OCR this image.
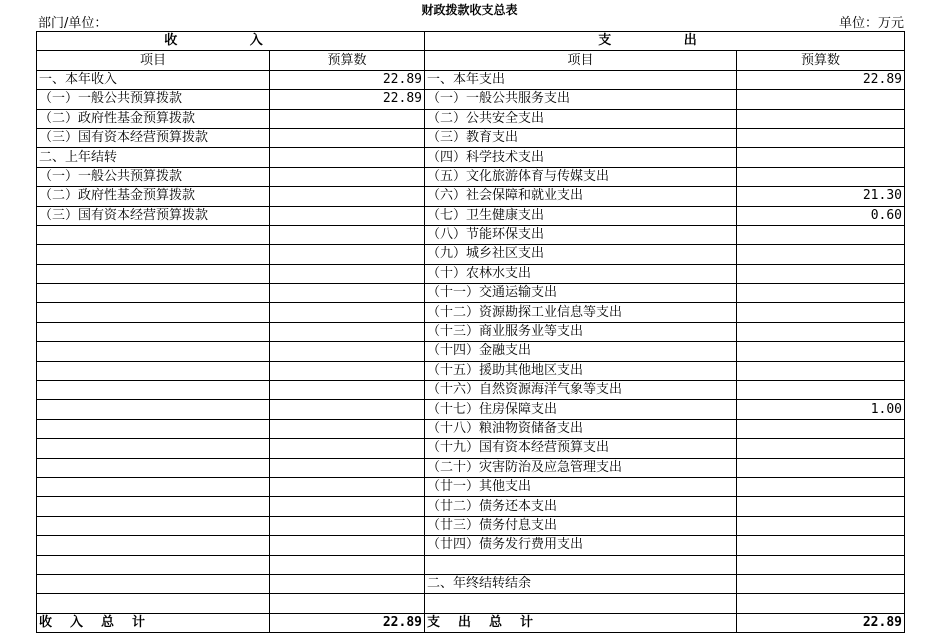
财政拨款收支总表
部门/单位：	单位：万元
收 入		支 出	
项目	预算数	项目	预算数
一、本年收入	22.89	一、本年支出	22.89
（一）一般公共预算拨款	22.89	（一）一般公共服务支出	
（二）政府性基金预算拨款		（二）公共安全支出	
（三）国有资本经营预算拨款		（三）教育支出	
二、上年结转		（四）科学技术支出	
（一）一般公共预算拨款		（五）文化旅游体育与传媒支出	
（二）政府性基金预算拨款		（六）社会保障和就业支出	21.30
（三）国有资本经营预算拨款		（七）卫生健康支出	0.60
		（八）节能环保支出	
		（九）城乡社区支出	
		（十）农林水支出	
		（十一）交通运输支出	
		（十二）资源勘探工业信息等支出	
		（十三）商业服务业等支出	
		（十四）金融支出	
		（十五）援助其他地区支出	
		（十六）自然资源海洋气象等支出	
		（十七）住房保障支出	1.00
		（十八）粮油物资储备支出	
		（十九）国有资本经营预算支出	
		（二十）灾害防治及应急管理支出	
		（廿一）其他支出	
		（廿二）债务还本支出	
		（廿三）债务付息支出	
		（廿四）债务发行费用支出	

		二、年终结转结余	

收入总计	22.89	支出总计	22.89
